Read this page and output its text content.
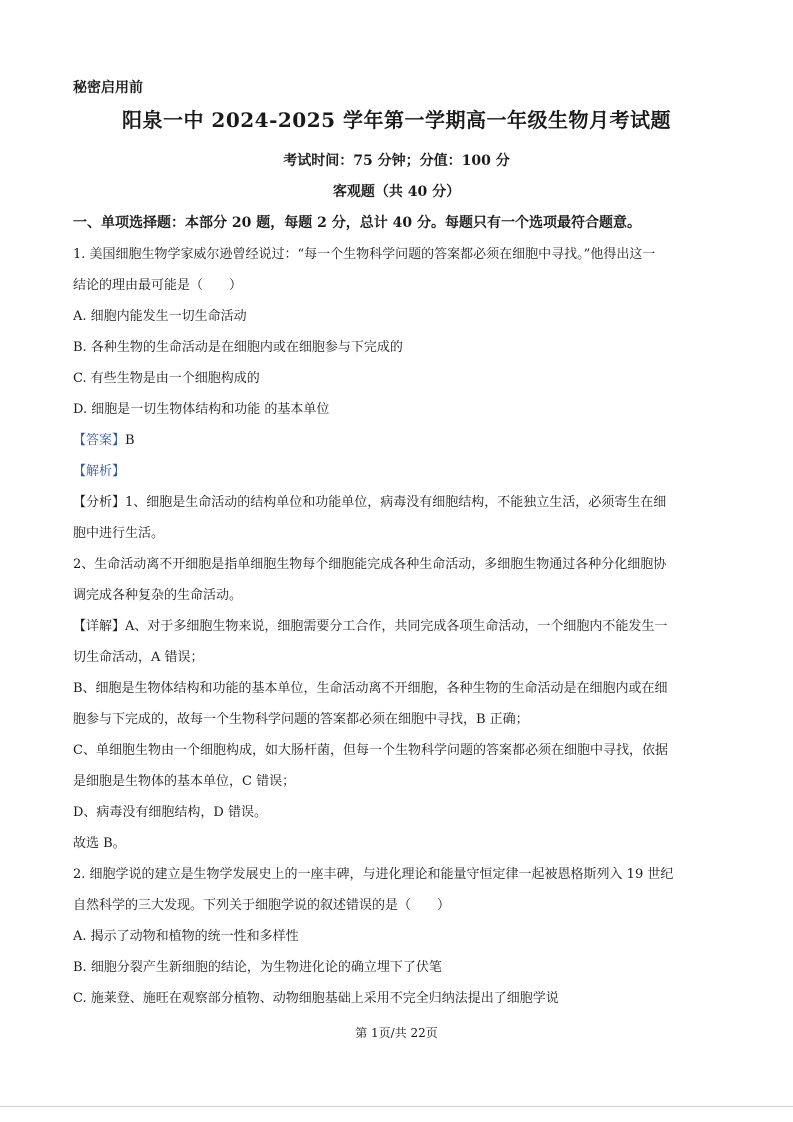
秘密启用前
阳泉一中 2024-2025 学年第一学期高一年级生物月考试题
考试时间：75 分钟；分值：100 分
客观题（共 40 分）
一、单项选择题：本部分 20 题，每题 2 分，总计 40 分。每题只有一个选项最符合题意。
1. 美国细胞生物学家威尔逊曾经说过：“每一个生物科学问题的答案都必须在细胞中寻找。”他得出这一
结论的理由最可能是（　　）
A. 细胞内能发生一切生命活动
B. 各种生物的生命活动是在细胞内或在细胞参与下完成的
C. 有些生物是由一个细胞构成的
D. 细胞是一切生物体结构和功能 的基本单位
【答案】B
【解析】
【分析】1、细胞是生命活动的结构单位和功能单位，病毒没有细胞结构，不能独立生活，必须寄生在细
胞中进行生活。
2、生命活动离不开细胞是指单细胞生物每个细胞能完成各种生命活动，多细胞生物通过各种分化细胞协
调完成各种复杂的生命活动。
【详解】A、对于多细胞生物来说，细胞需要分工合作，共同完成各项生命活动，一个细胞内不能发生一
切生命活动，A 错误；
B、细胞是生物体结构和功能的基本单位，生命活动离不开细胞，各种生物的生命活动是在细胞内或在细
胞参与下完成的，故每一个生物科学问题的答案都必须在细胞中寻找，B 正确；
C、单细胞生物由一个细胞构成，如大肠杆菌，但每一个生物科学问题的答案都必须在细胞中寻找，依据
是细胞是生物体的基本单位，C 错误；
D、病毒没有细胞结构，D 错误。
故选 B。
2. 细胞学说的建立是生物学发展史上的一座丰碑，与进化理论和能量守恒定律一起被恩格斯列入 19 世纪
自然科学的三大发现。下列关于细胞学说的叙述错误的是（　　）
A. 揭示了动物和植物的统一性和多样性
B. 细胞分裂产生新细胞的结论，为生物进化论的确立埋下了伏笔
C. 施莱登、施旺在观察部分植物、动物细胞基础上采用不完全归纳法提出了细胞学说
第 1页/共 22页
